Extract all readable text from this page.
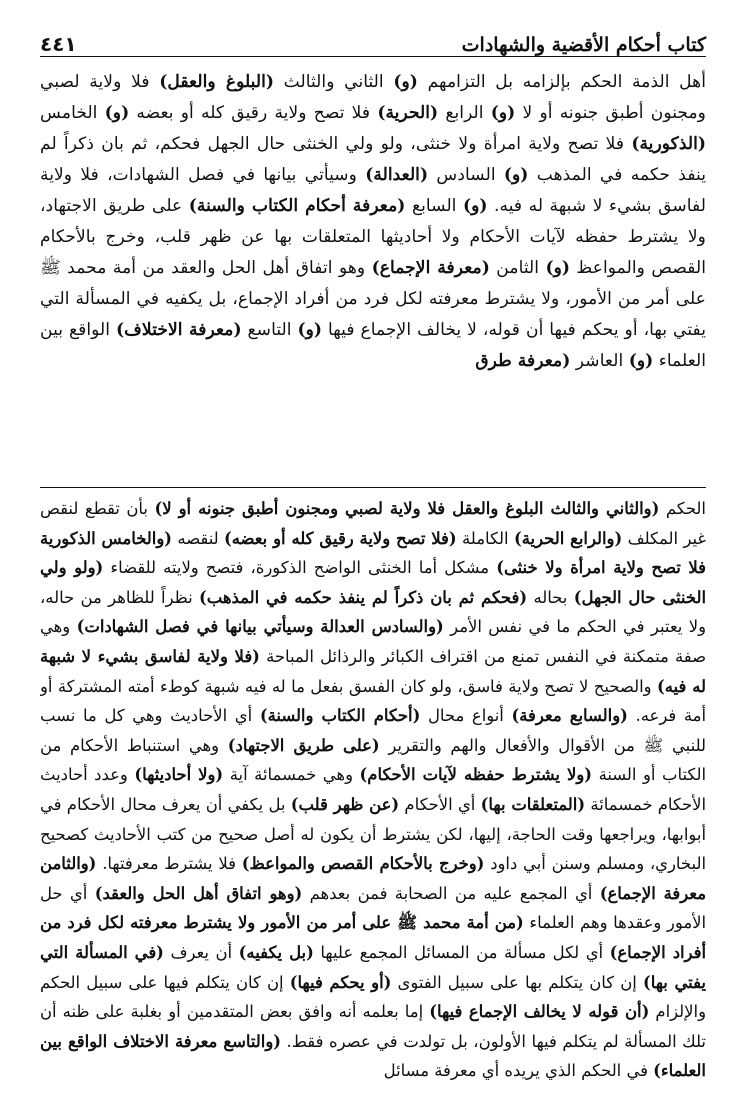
كتاب أحكام الأقضية والشهادات
٤٤١

أهل الذمة الحكم بإلزامه بل التزامهم (و) الثاني والثالث (البلوغ والعقل) فلا ولاية لصبي ومجنون أطبق جنونه أو لا (و) الرابع (الحرية) فلا تصح ولاية رقيق كله أو بعضه (و) الخامس (الذكورية) فلا تصح ولاية امرأة ولا خنثى، ولو ولي الخنثى حال الجهل فحكم، ثم بان ذكراً لم ينفذ حكمه في المذهب (و) السادس (العدالة) وسيأتي بيانها في فصل الشهادات، فلا ولاية لفاسق بشيء لا شبهة له فيه. (و) السابع (معرفة أحكام الكتاب والسنة) على طريق الاجتهاد، ولا يشترط حفظه لآيات الأحكام ولا أحاديثها المتعلقات بها عن ظهر قلب، وخرج بالأحكام القصص والمواعظ (و) الثامن (معرفة الإجماع) وهو اتفاق أهل الحل والعقد من أمة محمد ﷺ على أمر من الأمور، ولا يشترط معرفته لكل فرد من أفراد الإجماع، بل يكفيه في المسألة التي يفتي بها، أو يحكم فيها أن قوله، لا يخالف الإجماع فيها (و) التاسع (معرفة الاختلاف) الواقع بين العلماء (و) العاشر (معرفة طرق

الحكم (والثاني والثالث البلوغ والعقل فلا ولاية لصبي ومجنون أطبق جنونه أو لا) بأن تقطع لنقص غير المكلف (والرابع الحرية) الكاملة (فلا تصح ولاية رقيق كله أو بعضه) لنقصه (والخامس الذكورية فلا تصح ولاية امرأة ولا خنثى) مشكل أما الخنثى الواضح الذكورة، فتصح ولايته للقضاء (ولو ولي الخنثى حال الجهل) بحاله (فحكم ثم بان ذكراً لم ينفذ حكمه في المذهب) نظراً للظاهر من حاله، ولا يعتبر في الحكم ما في نفس الأمر (والسادس العدالة وسيأتي بيانها في فصل الشهادات) وهي صفة متمكنة في النفس تمنع من اقتراف الكبائر والرذائل المباحة (فلا ولاية لفاسق بشيء لا شبهة له فيه) والصحيح لا تصح ولاية فاسق، ولو كان الفسق بفعل ما له فيه شبهة كوطء أمته المشتركة أو أمة فرعه. (والسابع معرفة) أنواع محال (أحكام الكتاب والسنة) أي الأحاديث وهي كل ما نسب للنبي ﷺ من الأقوال والأفعال والهم والتقرير (على طريق الاجتهاد) وهي استنباط الأحكام من الكتاب أو السنة (ولا يشترط حفظه لآيات الأحكام) وهي خمسمائة آية (ولا أحاديثها) وعدد أحاديث الأحكام خمسمائة (المتعلقات بها) أي الأحكام (عن ظهر قلب) بل يكفي أن يعرف محال الأحكام في أبوابها، ويراجعها وقت الحاجة، إليها، لكن يشترط أن يكون له أصل صحيح من كتب الأحاديث كصحيح البخاري، ومسلم وسنن أبي داود (وخرج بالأحكام القصص والمواعظ) فلا يشترط معرفتها. (والثامن معرفة الإجماع) أي المجمع عليه من الصحابة فمن بعدهم (وهو اتفاق أهل الحل والعقد) أي حل الأمور وعقدها وهم العلماء (من أمة محمد ﷺ على أمر من الأمور ولا يشترط معرفته لكل فرد من أفراد الإجماع) أي لكل مسألة من المسائل المجمع عليها (بل يكفيه) أن يعرف (في المسألة التي يفتي بها) إن كان يتكلم بها على سبيل الفتوى (أو يحكم فيها) إن كان يتكلم فيها على سبيل الحكم والإلزام (أن قوله لا يخالف الإجماع فيها) إما بعلمه أنه وافق بعض المتقدمين أو بغلبة على ظنه أن تلك المسألة لم يتكلم فيها الأولون، بل تولدت في عصره فقط. (والتاسع معرفة الاختلاف الواقع بين العلماء) في الحكم الذي يريده أي معرفة مسائل
